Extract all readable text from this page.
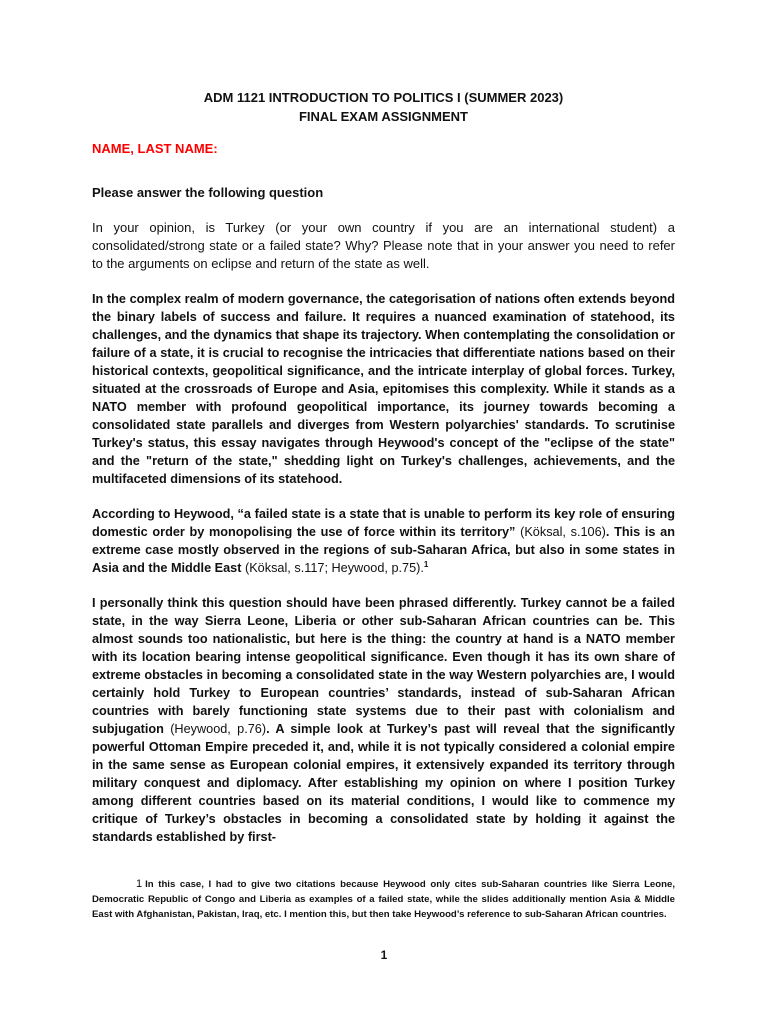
ADM 1121 INTRODUCTION TO POLITICS I (SUMMER 2023)

FINAL EXAM ASSIGNMENT

NAME, LAST NAME:

Please answer the following question

In your opinion, is Turkey (or your own country if you are an international student) a consolidated/strong state or a failed state? Why? Please note that in your answer you need to refer to the arguments on eclipse and return of the state as well.

In the complex realm of modern governance, the categorisation of nations often extends beyond the binary labels of success and failure. It requires a nuanced examination of statehood, its challenges, and the dynamics that shape its trajectory. When contemplating the consolidation or failure of a state, it is crucial to recognise the intricacies that differentiate nations based on their historical contexts, geopolitical significance, and the intricate interplay of global forces. Turkey, situated at the crossroads of Europe and Asia, epitomises this complexity. While it stands as a NATO member with profound geopolitical importance, its journey towards becoming a consolidated state parallels and diverges from Western polyarchies' standards. To scrutinise Turkey's status, this essay navigates through Heywood's concept of the "eclipse of the state" and the "return of the state," shedding light on Turkey's challenges, achievements, and the multifaceted dimensions of its statehood.

According to Heywood, “a failed state is a state that is unable to perform its key role of ensuring domestic order by monopolising the use of force within its territory” (Köksal, s.106). This is an extreme case mostly observed in the regions of sub-Saharan Africa, but also in some states in Asia and the Middle East (Köksal, s.117; Heywood, p.75).$^1$

I personally think this question should have been phrased differently. Turkey cannot be a failed state, in the way Sierra Leone, Liberia or other sub-Saharan African countries can be. This almost sounds too nationalistic, but here is the thing: the country at hand is a NATO member with its location bearing intense geopolitical significance. Even though it has its own share of extreme obstacles in becoming a consolidated state in the way Western polyarchies are, I would certainly hold Turkey to European countries’ standards, instead of sub-Saharan African countries with barely functioning state systems due to their past with colonialism and subjugation (Heywood, p.76). A simple look at Turkey’s past will reveal that the significantly powerful Ottoman Empire preceded it, and, while it is not typically considered a colonial empire in the same sense as European colonial empires, it extensively expanded its territory through military conquest and diplomacy. After establishing my opinion on where I position Turkey among different countries based on its material conditions, I would like to commence my critique of Turkey’s obstacles in becoming a consolidated state by holding it against the standards established by first-

1 In this case, I had to give two citations because Heywood only cites sub-Saharan countries like Sierra Leone, Democratic Republic of Congo and Liberia as examples of a failed state, while the slides additionally mention Asia & Middle East with Afghanistan, Pakistan, Iraq, etc. I mention this, but then take Heywood’s reference to sub-Saharan African countries.

1
